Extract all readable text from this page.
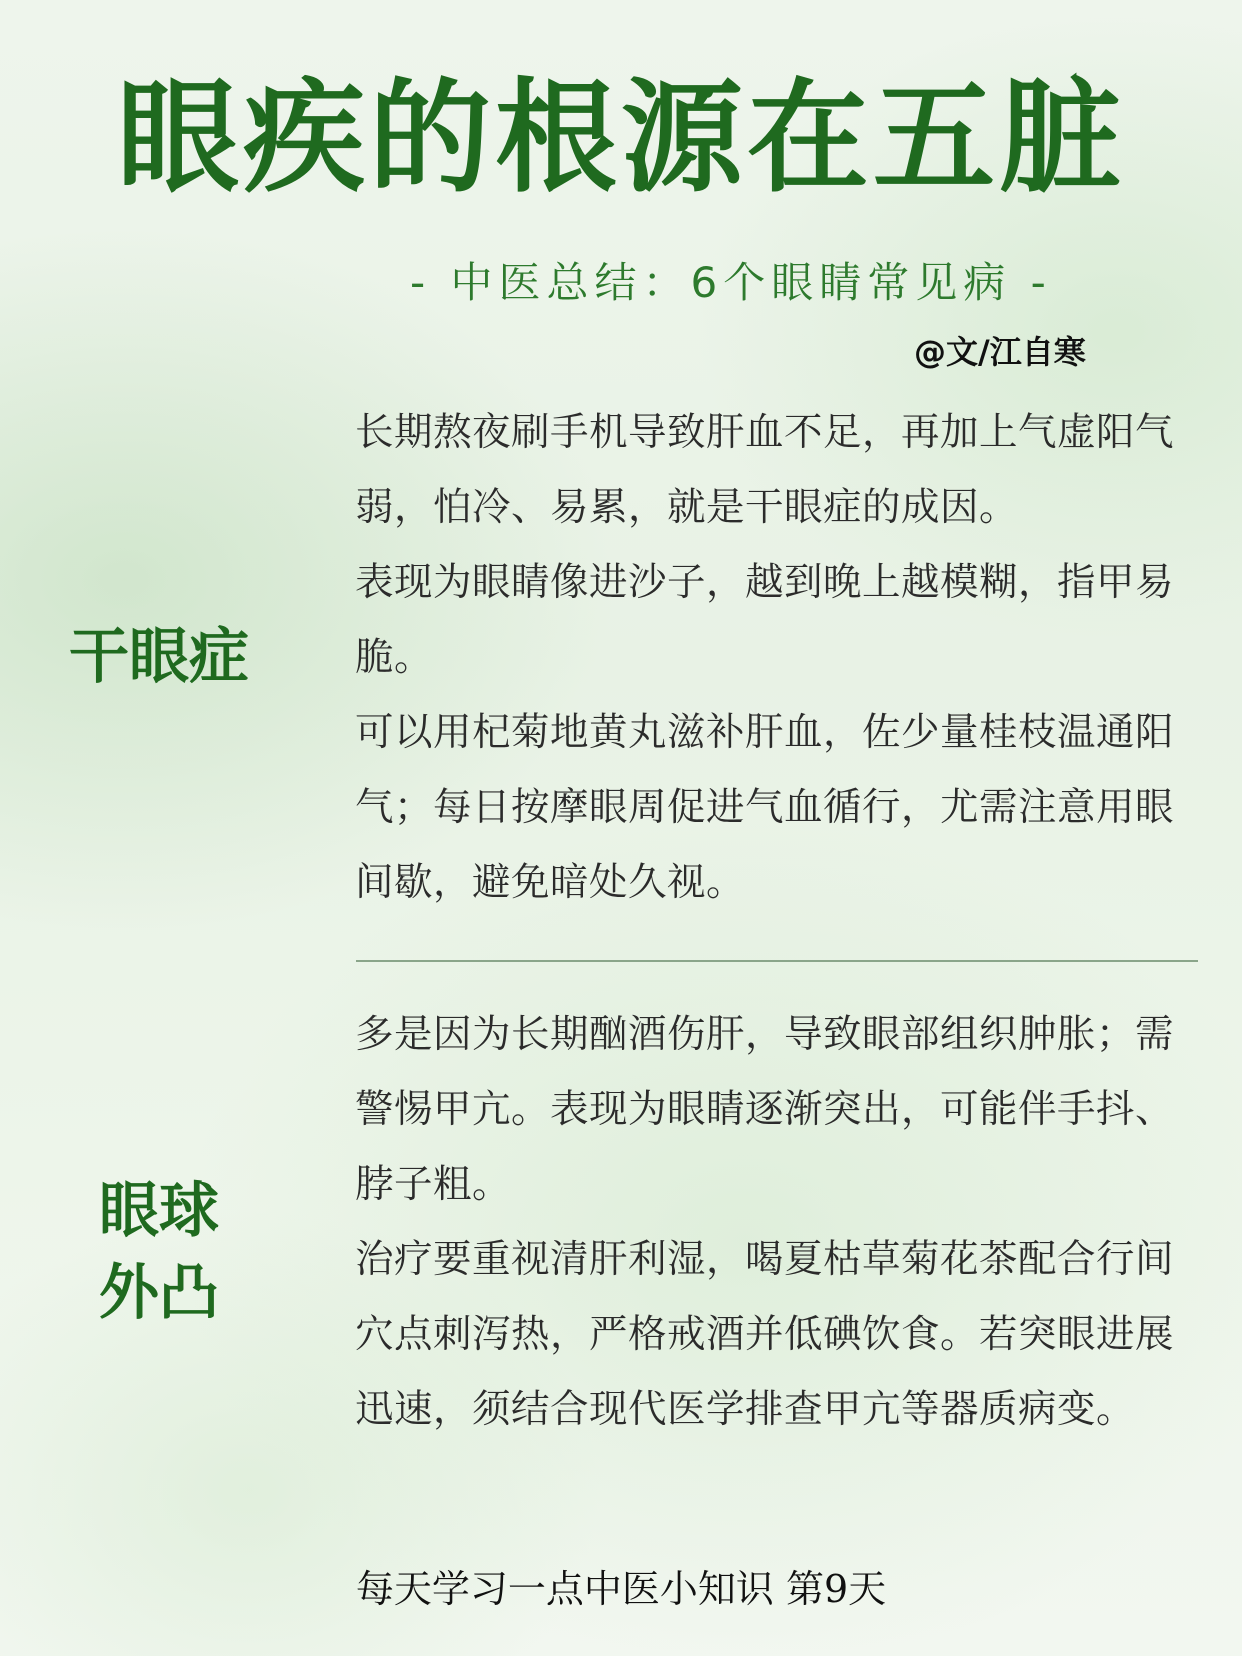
眼疾的根源在五脏
- 中医总结：6个眼睛常见病 -
@文/江自寒
干眼症

长期熬夜刷手机导致肝血不足，再加上气虚阳气弱，怕冷、易累，就是干眼症的成因。

表现为眼睛像进沙子，越到晚上越模糊，指甲易脆。

可以用杞菊地黄丸滋补肝血，佐少量桂枝温通阳气；每日按摩眼周促进气血循行，尤需注意用眼间歇，避免暗处久视。

眼球
外凸

多是因为长期酗酒伤肝，导致眼部组织肿胀；需警惕甲亢。表现为眼睛逐渐突出，可能伴手抖、脖子粗。

治疗要重视清肝利湿，喝夏枯草菊花茶配合行间穴点刺泻热，严格戒酒并低碘饮食。若突眼进展迅速，须结合现代医学排查甲亢等器质病变。

每天学习一点中医小知识 第9天
